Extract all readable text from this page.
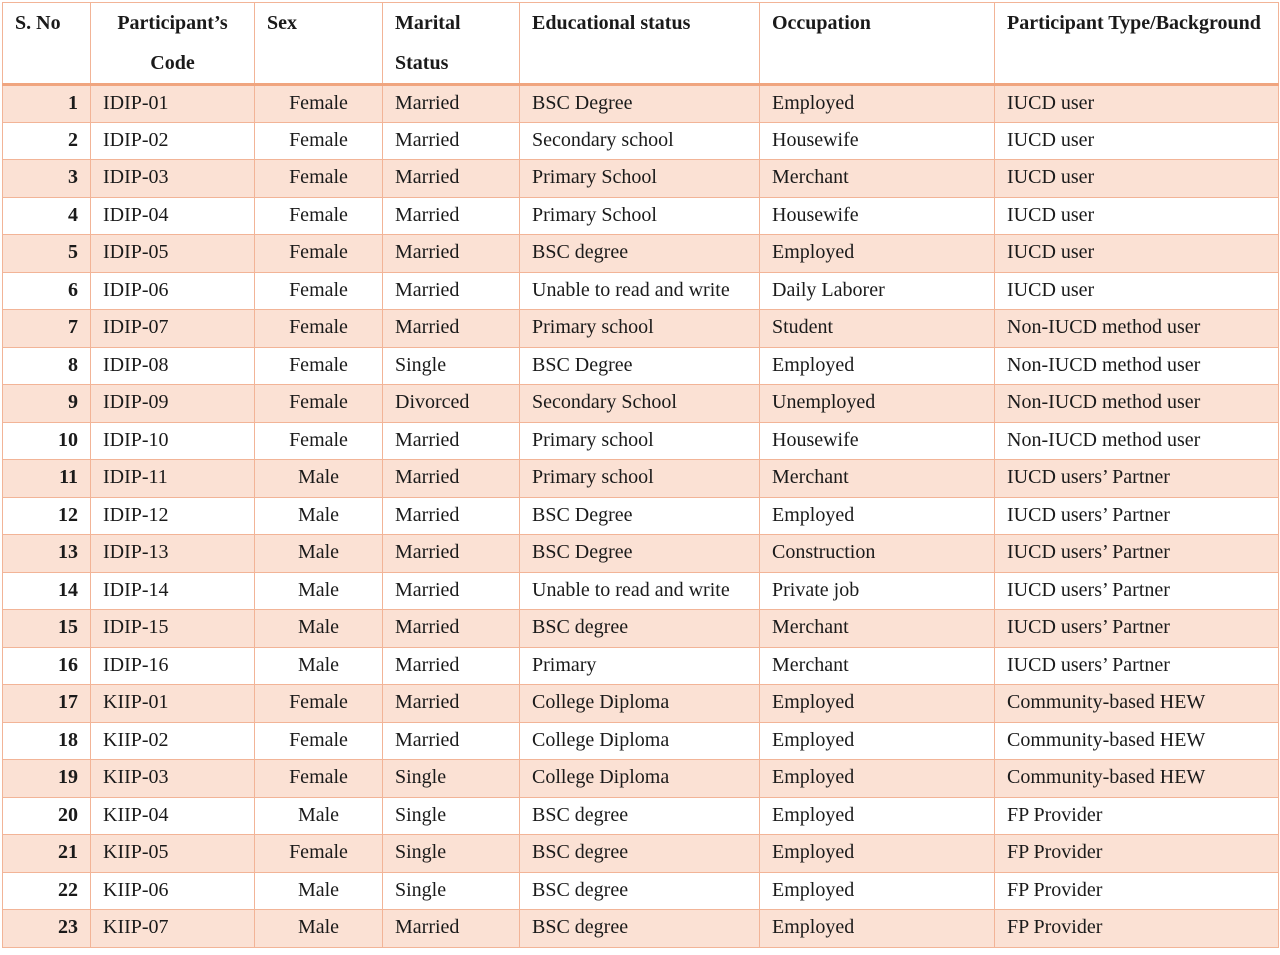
S. No	Participant’s Code	Sex	Marital Status	Educational status	Occupation	Participant Type/Background
1	IDIP-01	Female	Married	BSC Degree	Employed	IUCD user
2	IDIP-02	Female	Married	Secondary school	Housewife	IUCD user
3	IDIP-03	Female	Married	Primary School	Merchant	IUCD user
4	IDIP-04	Female	Married	Primary School	Housewife	IUCD user
5	IDIP-05	Female	Married	BSC degree	Employed	IUCD user
6	IDIP-06	Female	Married	Unable to read and write	Daily Laborer	IUCD user
7	IDIP-07	Female	Married	Primary school	Student	Non-IUCD method user
8	IDIP-08	Female	Single	BSC Degree	Employed	Non-IUCD method user
9	IDIP-09	Female	Divorced	Secondary School	Unemployed	Non-IUCD method user
10	IDIP-10	Female	Married	Primary school	Housewife	Non-IUCD method user
11	IDIP-11	Male	Married	Primary school	Merchant	IUCD users’ Partner
12	IDIP-12	Male	Married	BSC Degree	Employed	IUCD users’ Partner
13	IDIP-13	Male	Married	BSC Degree	Construction	IUCD users’ Partner
14	IDIP-14	Male	Married	Unable to read and write	Private job	IUCD users’ Partner
15	IDIP-15	Male	Married	BSC degree	Merchant	IUCD users’ Partner
16	IDIP-16	Male	Married	Primary	Merchant	IUCD users’ Partner
17	KIIP-01	Female	Married	College Diploma	Employed	Community-based HEW
18	KIIP-02	Female	Married	College Diploma	Employed	Community-based HEW
19	KIIP-03	Female	Single	College Diploma	Employed	Community-based HEW
20	KIIP-04	Male	Single	BSC degree	Employed	FP Provider
21	KIIP-05	Female	Single	BSC degree	Employed	FP Provider
22	KIIP-06	Male	Single	BSC degree	Employed	FP Provider
23	KIIP-07	Male	Married	BSC degree	Employed	FP Provider
